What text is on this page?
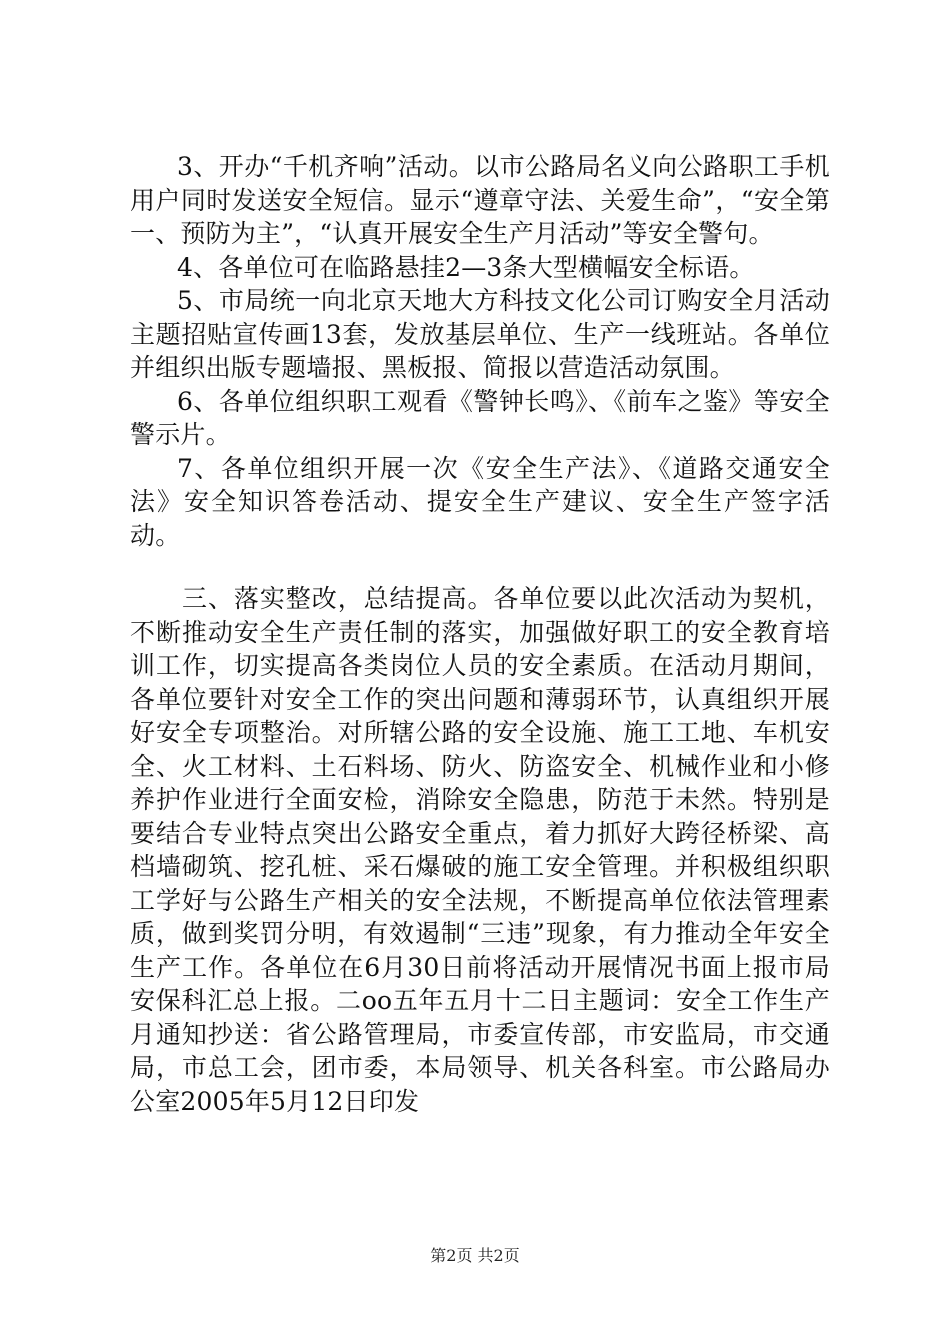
3、开办“千机齐响”活动。以市公路局名义向公路职工手机用户同时发送安全短信。显示“遵章守法、关爱生命”，“安全第一、预防为主”，“认真开展安全生产月活动”等安全警句。

4、各单位可在临路悬挂2—3条大型横幅安全标语。

5、市局统一向北京天地大方科技文化公司订购安全月活动主题招贴宣传画13套，发放基层单位、生产一线班站。各单位并组织出版专题墙报、黑板报、简报以营造活动氛围。

6、各单位组织职工观看《警钟长鸣》、《前车之鉴》等安全警示片。

7、各单位组织开展一次《安全生产法》、《道路交通安全法》安全知识答卷活动、提安全生产建议、安全生产签字活动。

三、落实整改，总结提高。各单位要以此次活动为契机，不断推动安全生产责任制的落实，加强做好职工的安全教育培训工作，切实提高各类岗位人员的安全素质。在活动月期间，各单位要针对安全工作的突出问题和薄弱环节，认真组织开展好安全专项整治。对所辖公路的安全设施、施工工地、车机安全、火工材料、土石料场、防火、防盗安全、机械作业和小修养护作业进行全面安检，消除安全隐患，防范于未然。特别是要结合专业特点突出公路安全重点，着力抓好大跨径桥梁、高档墙砌筑、挖孔桩、采石爆破的施工安全管理。并积极组织职工学好与公路生产相关的安全法规，不断提高单位依法管理素质，做到奖罚分明，有效遏制“三违”现象，有力推动全年安全生产工作。各单位在6月30日前将活动开展情况书面上报市局安保科汇总上报。二oo五年五月十二日主题词：安全工作生产月通知抄送：省公路管理局，市委宣传部，市安监局，市交通局，市总工会，团市委，本局领导、机关各科室。市公路局办公室2005年5月12日印发

第2页 共2页
